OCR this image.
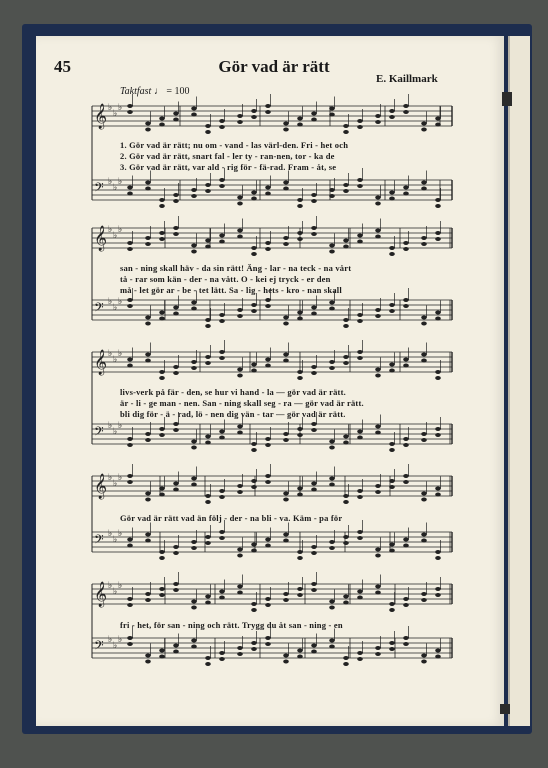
45	Gör vad är rätt
E. Kaillmark
Taktfast ♩ = 100
𝄞 ♭
♭
♭
𝄢 ♭
♭
♭
𝄞 ♭
♭
♭
𝄢 ♭
♭
♭
𝄞 ♭
♭
♭
𝄢 ♭
♭
♭
𝄞 ♭
♭
♭
𝄢 ♭
♭
♭
𝄞 ♭
♭
♭
𝄢 ♭
♭
♭
1. Gör vad är rätt; nu om - vand - las värl-den. Fri - het och
2. Gör vad är rätt, snart fal - ler ty - ran-nen, tor - ka de
3. Gör vad är rätt, var ald - rig för - fä-rad. Fram - åt, se
san - ning skall häv - da sin rätt! Äng - lar - na teck - na vårt
tå - rar som kän - der - na vått. O - kei ej tryck - er den
må - let gör ar - be - tet lätt. Sa - lig - hets - kro - nan skall
livs-verk på fär - den, se hur vi hand - la — gör vad är rätt.
är - li - ge man - nen. San - ning skall seg - ra — gör vad är rätt.
bli dig för - ä - rad, lö - nen dig vän - tar — gör vad är rätt.
Gör vad är rätt vad än följ - der - na bli - va. Käm - pa för
fri - het, för san - ning och rätt. Trygg du åt san - ning - en
